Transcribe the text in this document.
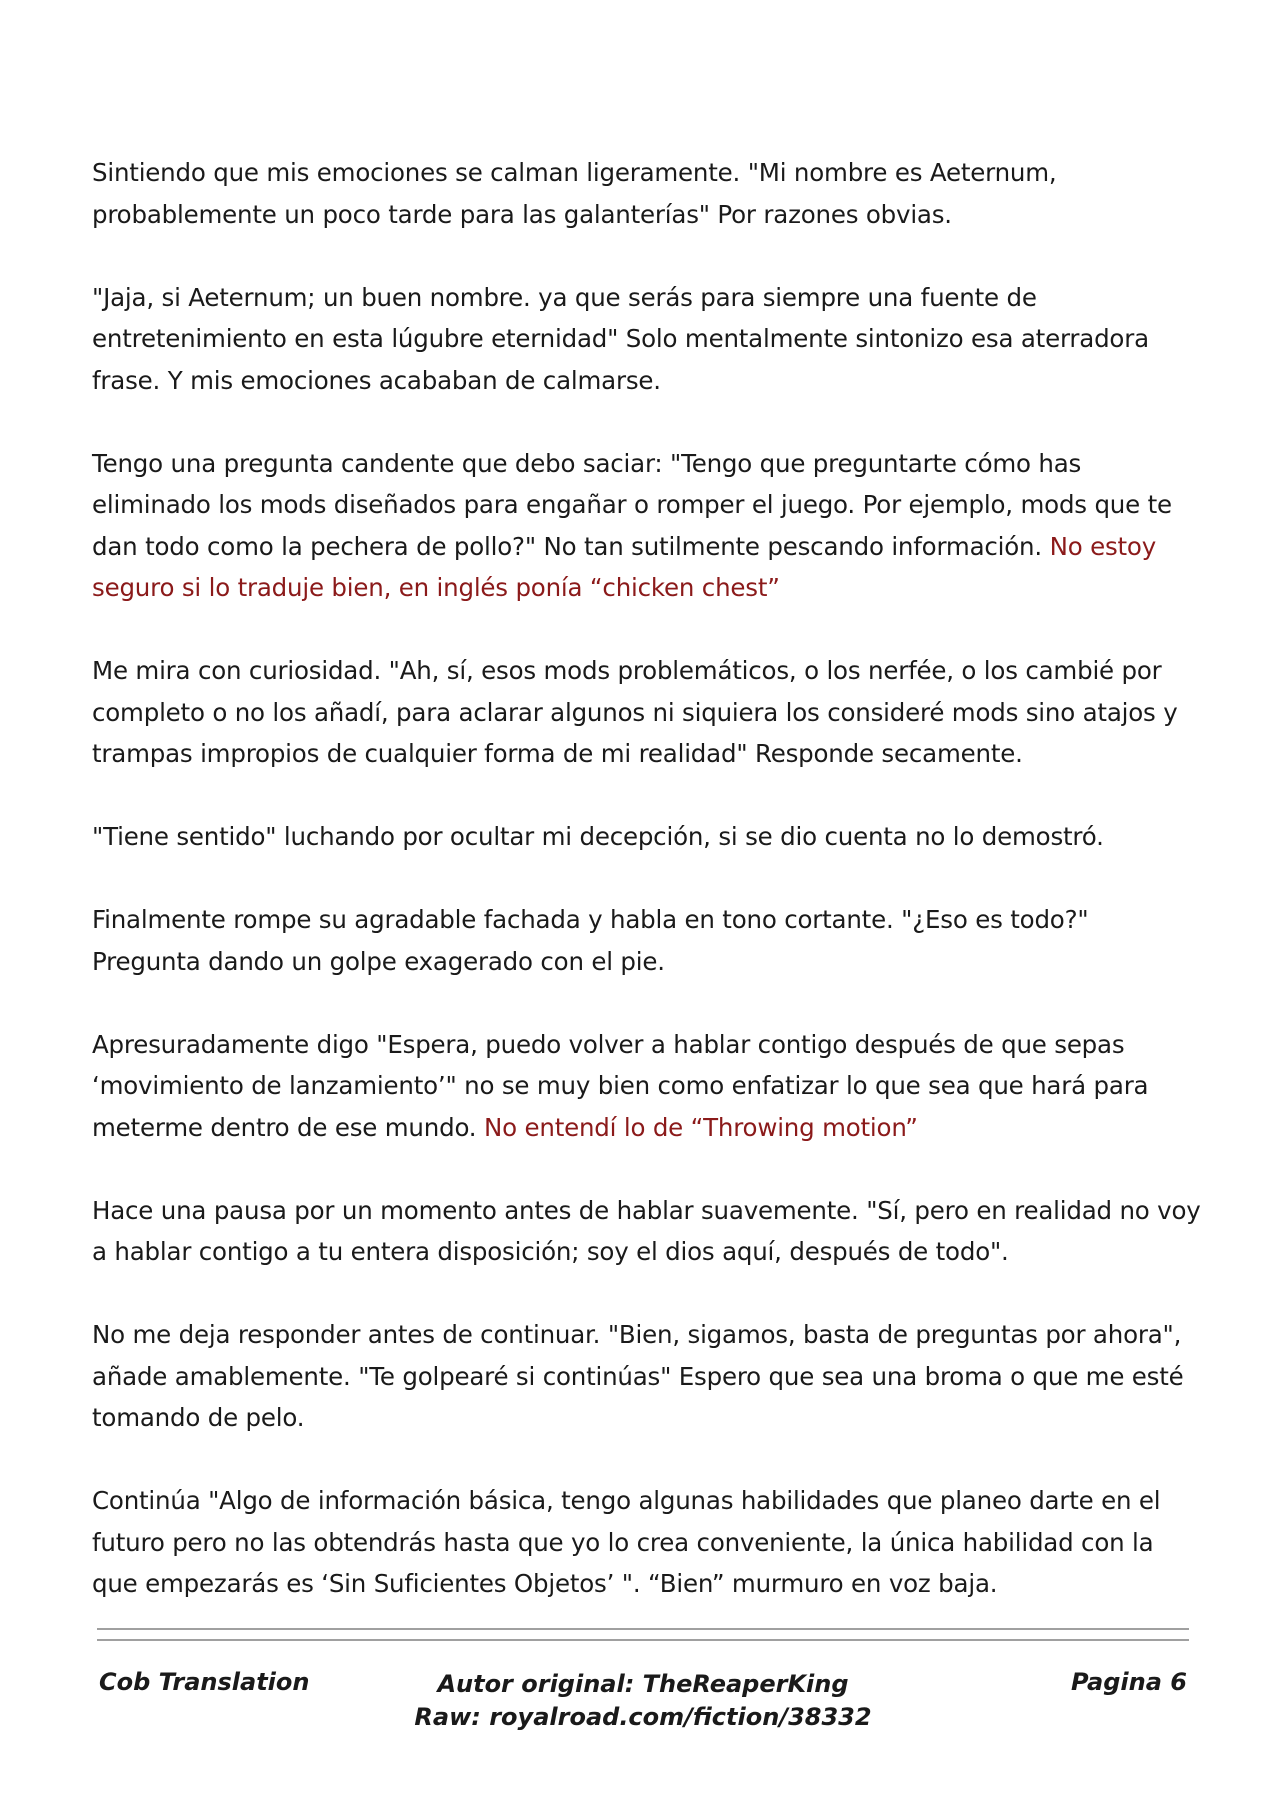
Sintiendo que mis emociones se calman ligeramente. "Mi nombre es Aeternum, probablemente un poco tarde para las galanterías" Por razones obvias.

"Jaja, si Aeternum; un buen nombre. ya que serás para siempre una fuente de entretenimiento en esta lúgubre eternidad" Solo mentalmente sintonizo esa aterradora frase. Y mis emociones acababan de calmarse.

Tengo una pregunta candente que debo saciar: "Tengo que preguntarte cómo has eliminado los mods diseñados para engañar o romper el juego. Por ejemplo, mods que te dan todo como la pechera de pollo?" No tan sutilmente pescando información. No estoy seguro si lo traduje bien, en inglés ponía “chicken chest”

Me mira con curiosidad. "Ah, sí, esos mods problemáticos, o los nerfée, o los cambié por completo o no los añadí, para aclarar algunos ni siquiera los consideré mods sino atajos y trampas impropios de cualquier forma de mi realidad" Responde secamente.

"Tiene sentido" luchando por ocultar mi decepción, si se dio cuenta no lo demostró.

Finalmente rompe su agradable fachada y habla en tono cortante. "¿Eso es todo?" Pregunta dando un golpe exagerado con el pie.

Apresuradamente digo "Espera, puedo volver a hablar contigo después de que sepas ‘movimiento de lanzamiento’" no se muy bien como enfatizar lo que sea que hará para meterme dentro de ese mundo. No entendí lo de “Throwing motion”

Hace una pausa por un momento antes de hablar suavemente. "Sí, pero en realidad no voy a hablar contigo a tu entera disposición; soy el dios aquí, después de todo".

No me deja responder antes de continuar. "Bien, sigamos, basta de preguntas por ahora", añade amablemente. "Te golpearé si continúas" Espero que sea una broma o que me esté tomando de pelo.

Continúa "Algo de información básica, tengo algunas habilidades que planeo darte en el futuro pero no las obtendrás hasta que yo lo crea conveniente, la única habilidad con la que empezarás es ‘Sin Suficientes Objetos’ ". “Bien” murmuro en voz baja.

Autor original: TheReaperKing
Raw: royalroad.com/fiction/38332
Cob Translation	Pagina 6
